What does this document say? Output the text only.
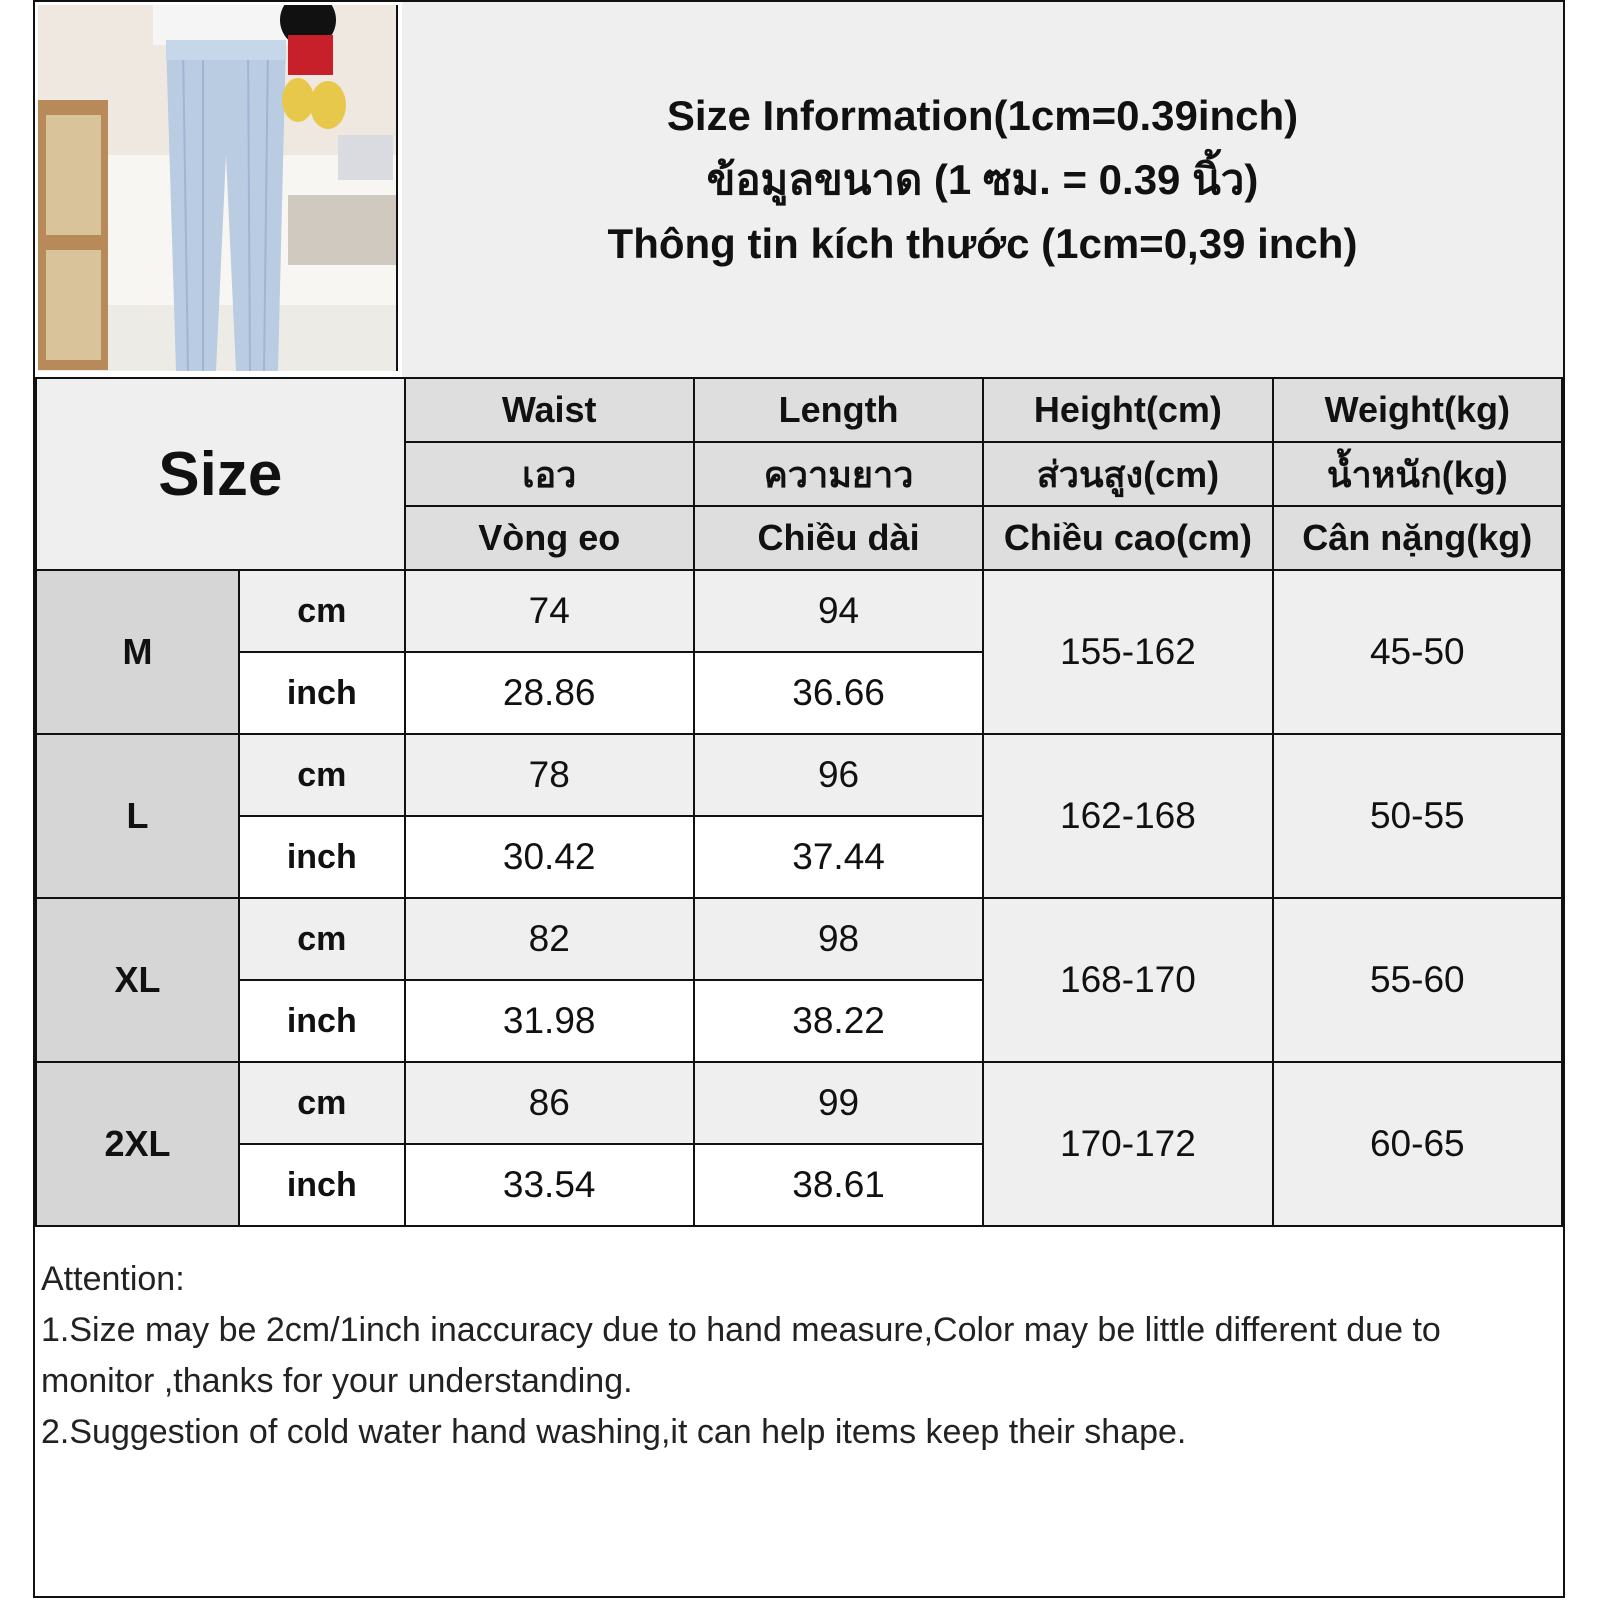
Size Information(1cm=0.39inch)
ข้อมูลขนาด (1 ซม. = 0.39 นิ้ว)
Thông tin kích thước (1cm=0,39 inch)
Size		Waist	Length	Height(cm)	Weight(kg)
		เอว	ความยาว	ส่วนสูง(cm)	น้ำหนัก(kg)
		Vòng eo	Chiều dài	Chiều cao(cm)	Cân nặng(kg)
M	cm	74	94	155-162	45-50
	inch	28.86	36.66		
L	cm	78	96	162-168	50-55
	inch	30.42	37.44		
XL	cm	82	98	168-170	55-60
	inch	31.98	38.22		
2XL	cm	86	99	170-172	60-65
	inch	33.54	38.61		

Attention:

1.Size may be 2cm/1inch inaccuracy due to hand measure,Color may be little different due to monitor ,thanks for your understanding.

2.Suggestion of cold water hand washing,it can help items keep their shape.
